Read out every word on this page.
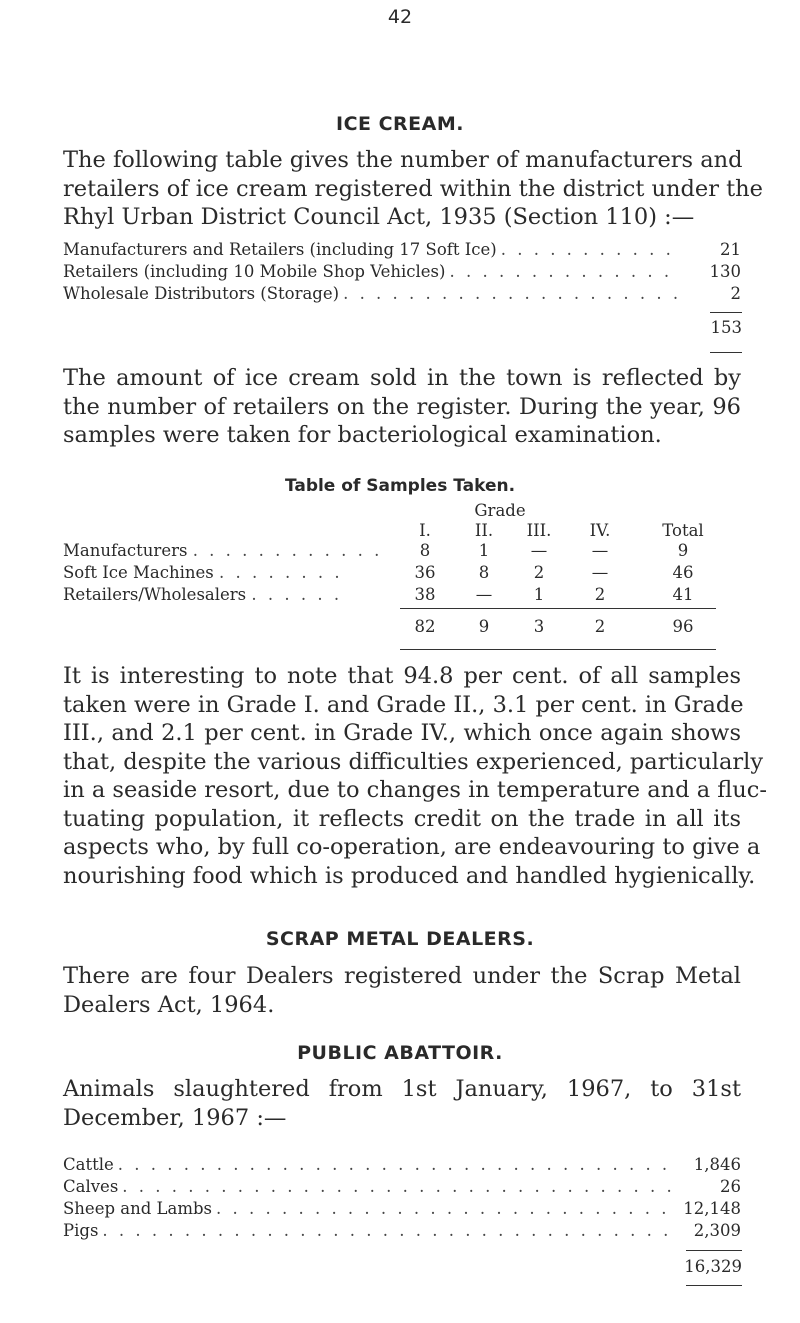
42
ICE CREAM.
The following table gives the number of manufacturers and
retailers of ice cream registered within the district under the
Rhyl Urban District Council Act, 1935 (Section 110) :—
Manufacturers and Retailers (including 17 Soft Ice) . . .	21
Retailers (including 10 Mobile Shop Vehicles) . . .	130
Wholesale Distributors (Storage) . . .	2
153
The amount of ice cream sold in the town is reflected by
the number of retailers on the register. During the year, 96
samples were taken for bacteriological examination.
Table of Samples Taken.
Grade
I.	II.	III.	IV.	Total
Manufacturers . . . . . . . . . . . .	8	1	—	—	9
Soft Ice Machines . . . . . . . .	36	8	2	—	46
Retailers/Wholesalers . . . . . .	38	—	1	2	41
82	9	3	2	96
It is interesting to note that 94.8 per cent. of all samples
taken were in Grade I. and Grade II., 3.1 per cent. in Grade
III., and 2.1 per cent. in Grade IV., which once again shows
that, despite the various difficulties experienced, particularly
in a seaside resort, due to changes in temperature and a fluc-
tuating population, it reflects credit on the trade in all its
aspects who, by full co-operation, are endeavouring to give a
nourishing food which is produced and handled hygienically.
SCRAP METAL DEALERS.
There are four Dealers registered under the Scrap Metal
Dealers Act, 1964.
PUBLIC ABATTOIR.
Animals slaughtered from 1st January, 1967, to 31st
December, 1967 :—
Cattle . . .	1,846
Calves . . .	26
Sheep and Lambs . . .	12,148
Pigs . . .	2,309
16,329
